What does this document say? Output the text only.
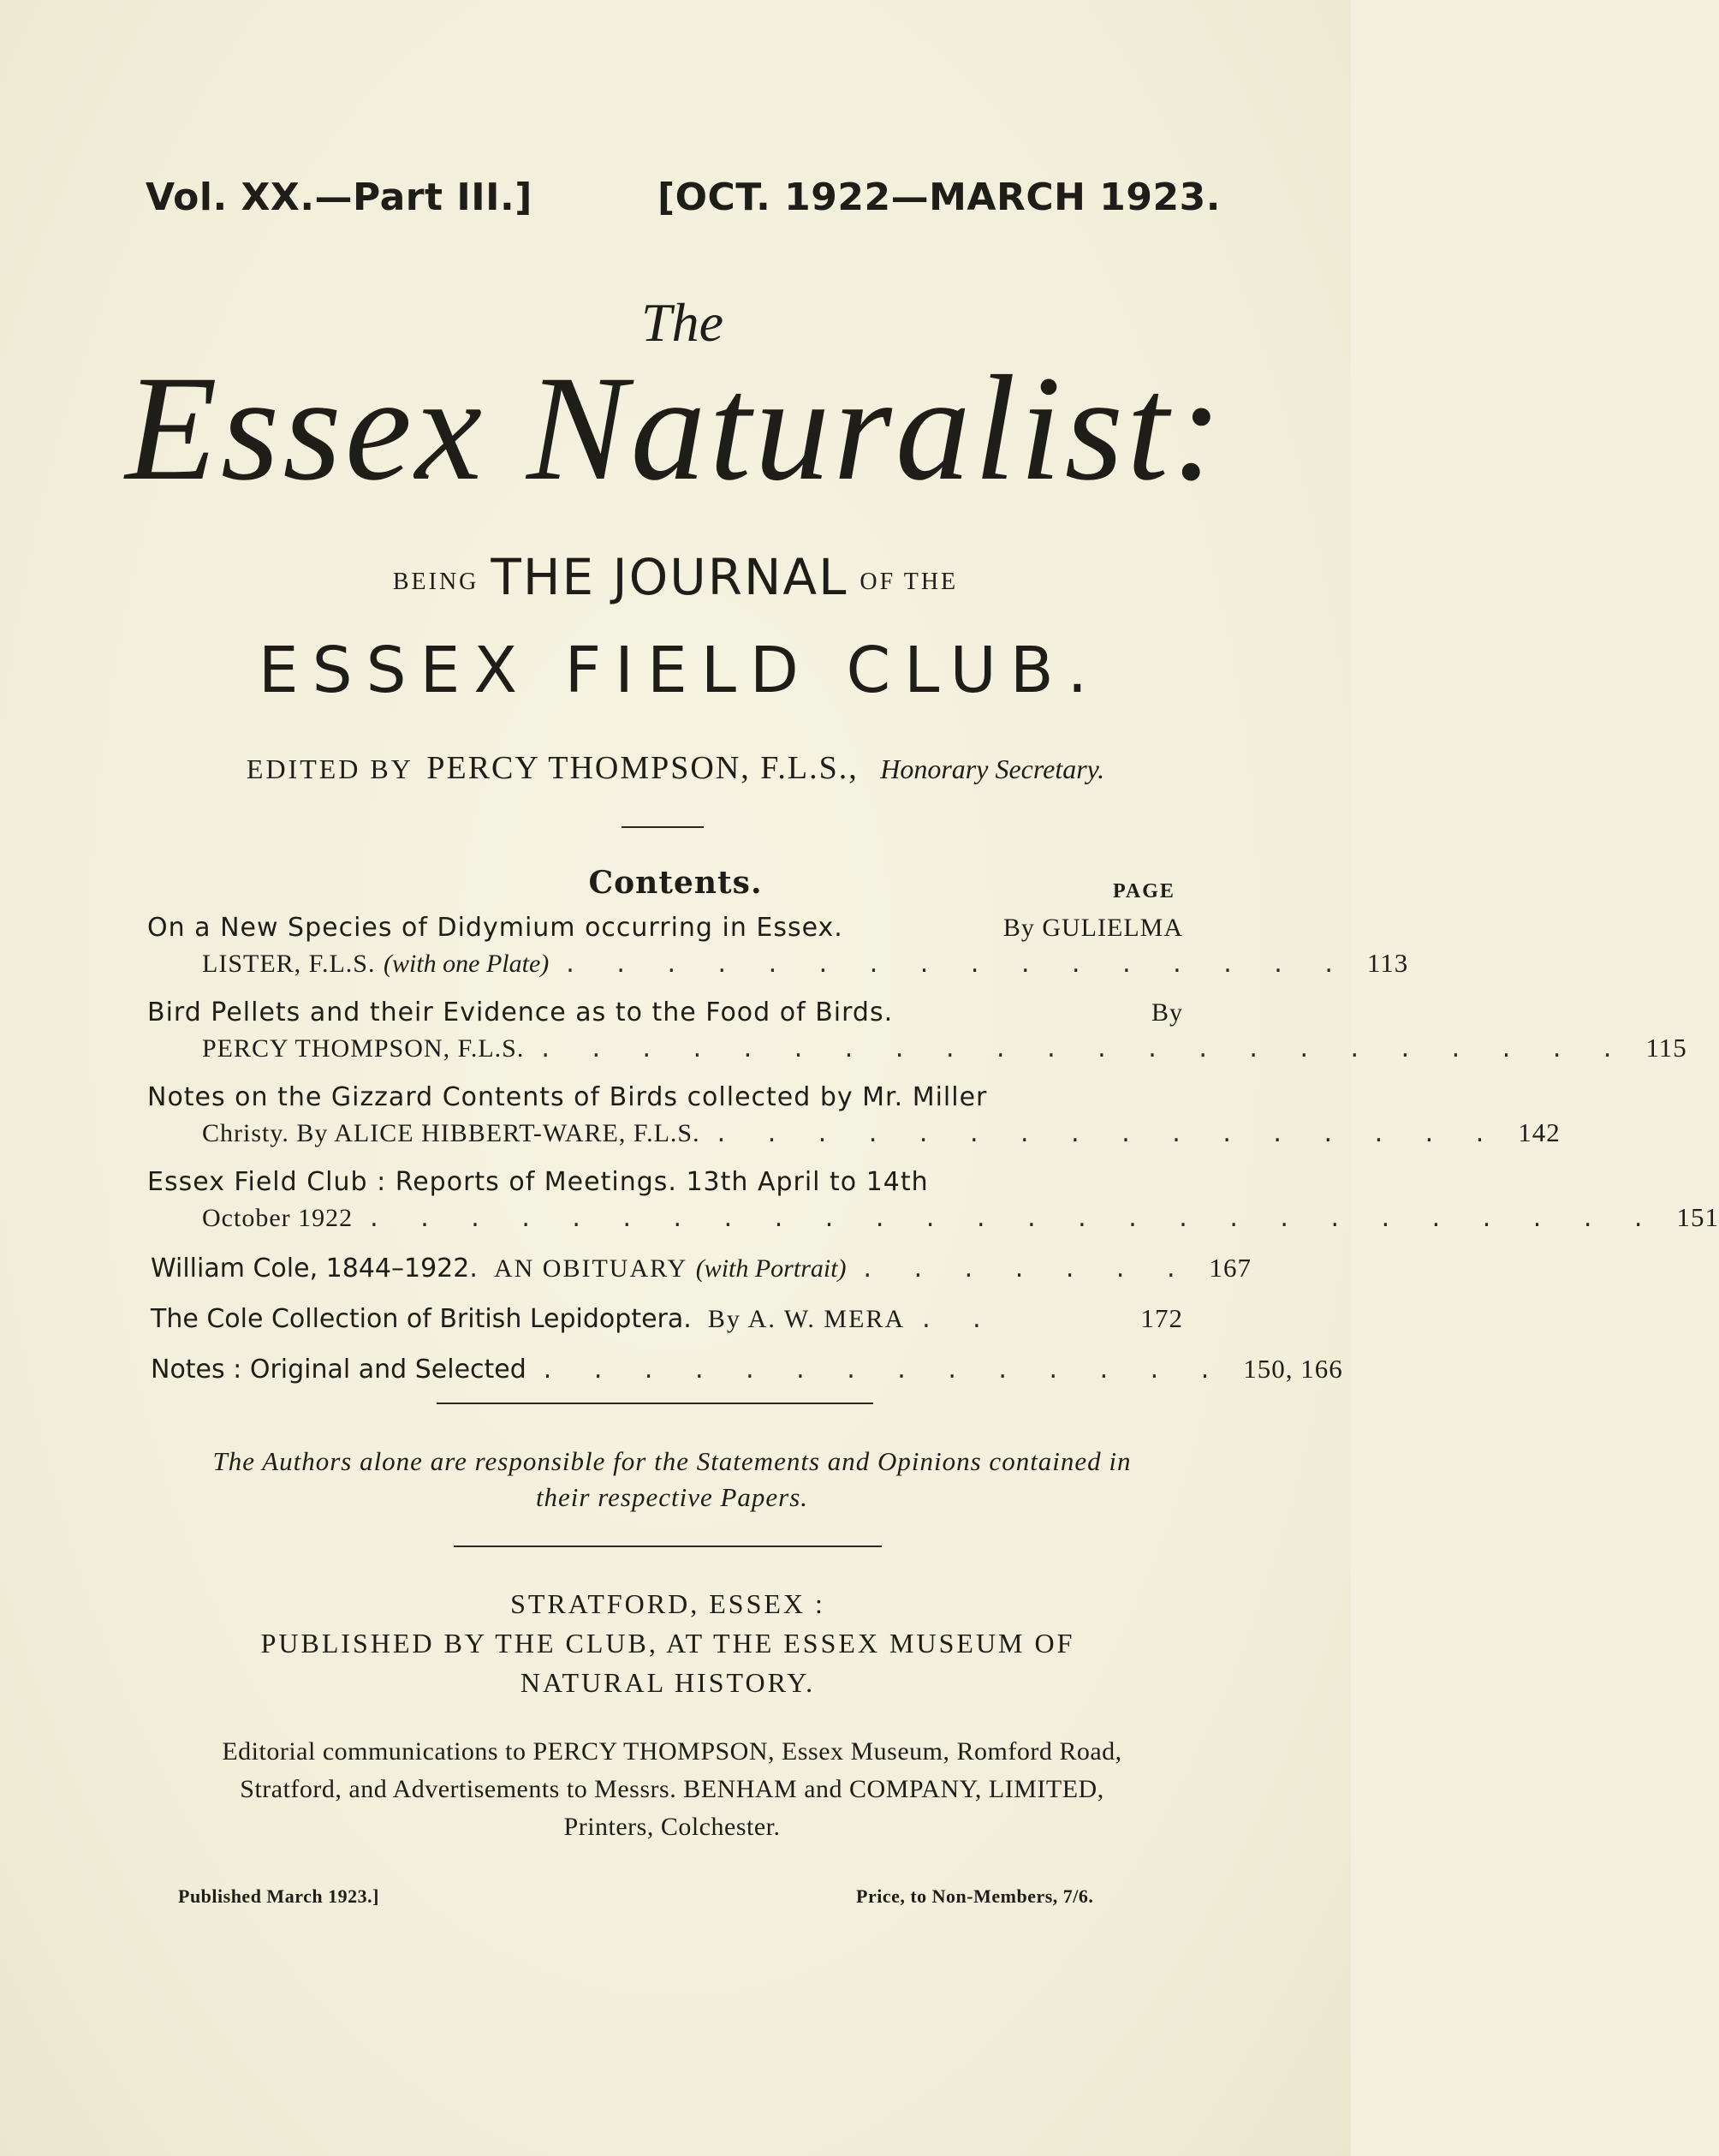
Vol. XX.—Part III.]	[OCT. 1922—MARCH 1923.
The
Essex Naturalist:
BEING THE JOURNAL OF THE
ESSEX FIELD CLUB.
EDITED BY PERCY THOMPSON, F.L.S., Honorary Secretary.
Contents.	PAGE
On a New Species of Didymium occurring in Essex.	By GULIELMA
LISTER, F.L.S.
(with one Plate) . . . . . . . . . . . . . . . . 113
Bird Pellets and their Evidence as to the Food of Birds.	By
PERCY THOMPSON, F.L.S. . . . . . . . . . . . . . . . . . . . . . . 115
Notes on the Gizzard Contents of Birds collected by Mr. Miller
Christy. By ALICE HIBBERT-WARE, F.L.S. . . . . . . . . . . . . . . . . 142
Essex Field Club : Reports of Meetings. 13th April to 14th
October 1922 . . . . . . . . . . . . . . . . . . . . . . . . . . 151
William Cole, 1844–1922.
AN OBITUARY
(with Portrait) . . . . . . . 167
The Cole Collection of British Lepidoptera.
By A. W. MERA . .	172
Notes : Original and Selected . . . . . . . . . . . . . . 150, 166
The Authors alone are responsible for the Statements and Opinions contained in
their respective Papers.
STRATFORD, ESSEX :
PUBLISHED BY THE CLUB, AT THE ESSEX MUSEUM OF
NATURAL HISTORY.
Editorial communications to PERCY THOMPSON, Essex Museum, Romford Road,
Stratford, and Advertisements to Messrs. BENHAM and COMPANY, LIMITED,
Printers, Colchester.
Published March 1923.]	Price, to Non-Members, 7/6.
